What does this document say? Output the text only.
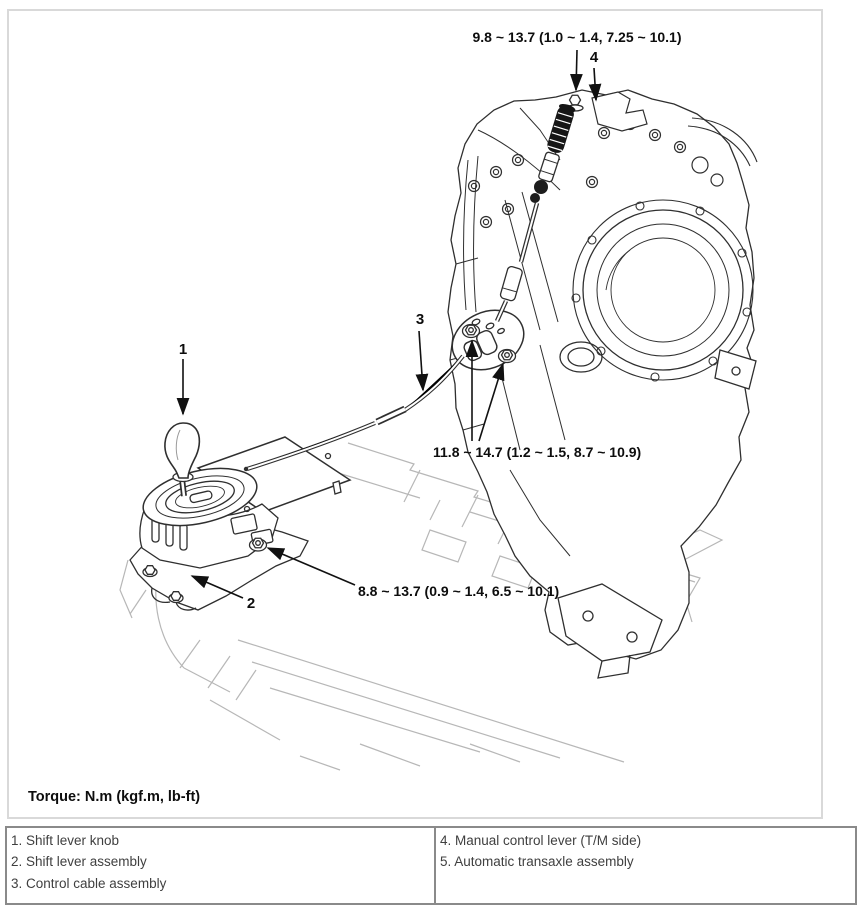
9.8 ~ 13.7 (1.0 ~ 1.4, 7.25 ~ 10.1)
4
3
1
2
11.8 ~ 14.7 (1.2 ~ 1.5, 8.7 ~ 10.9)
8.8 ~ 13.7 (0.9 ~ 1.4, 6.5 ~ 10.1)
Torque: N.m (kgf.m, lb-ft)
1. Shift lever knob
2. Shift lever assembly
3. Control cable assembly
4. Manual control lever (T/M side)
5. Automatic transaxle assembly
